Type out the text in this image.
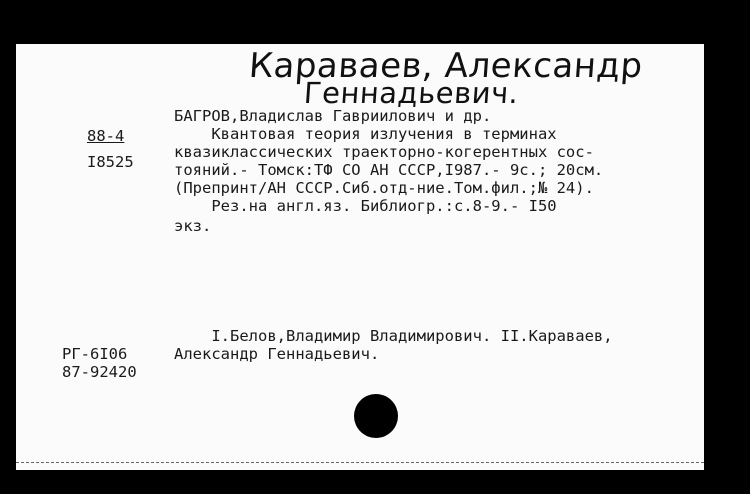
Караваев, Александр
Геннадьевич.
88-4
I8525
БАГРОВ,Владислав Гавриилович и др.
Квантовая теория излучения в терминах
квазиклассических траекторно-когерентных сос-
тояний.- Томск:ТФ СО АН СССР,I987.- 9с.; 20см.
(Препринт/АН СССР.Сиб.отд-ние.Том.фил.;№ 24).
Рез.на англ.яз. Библиогр.:с.8-9.- I50
экз.
I.Белов,Владимир Владимирович. II.Караваев,
Александр Геннадьевич.
РГ-6I06
87-92420
